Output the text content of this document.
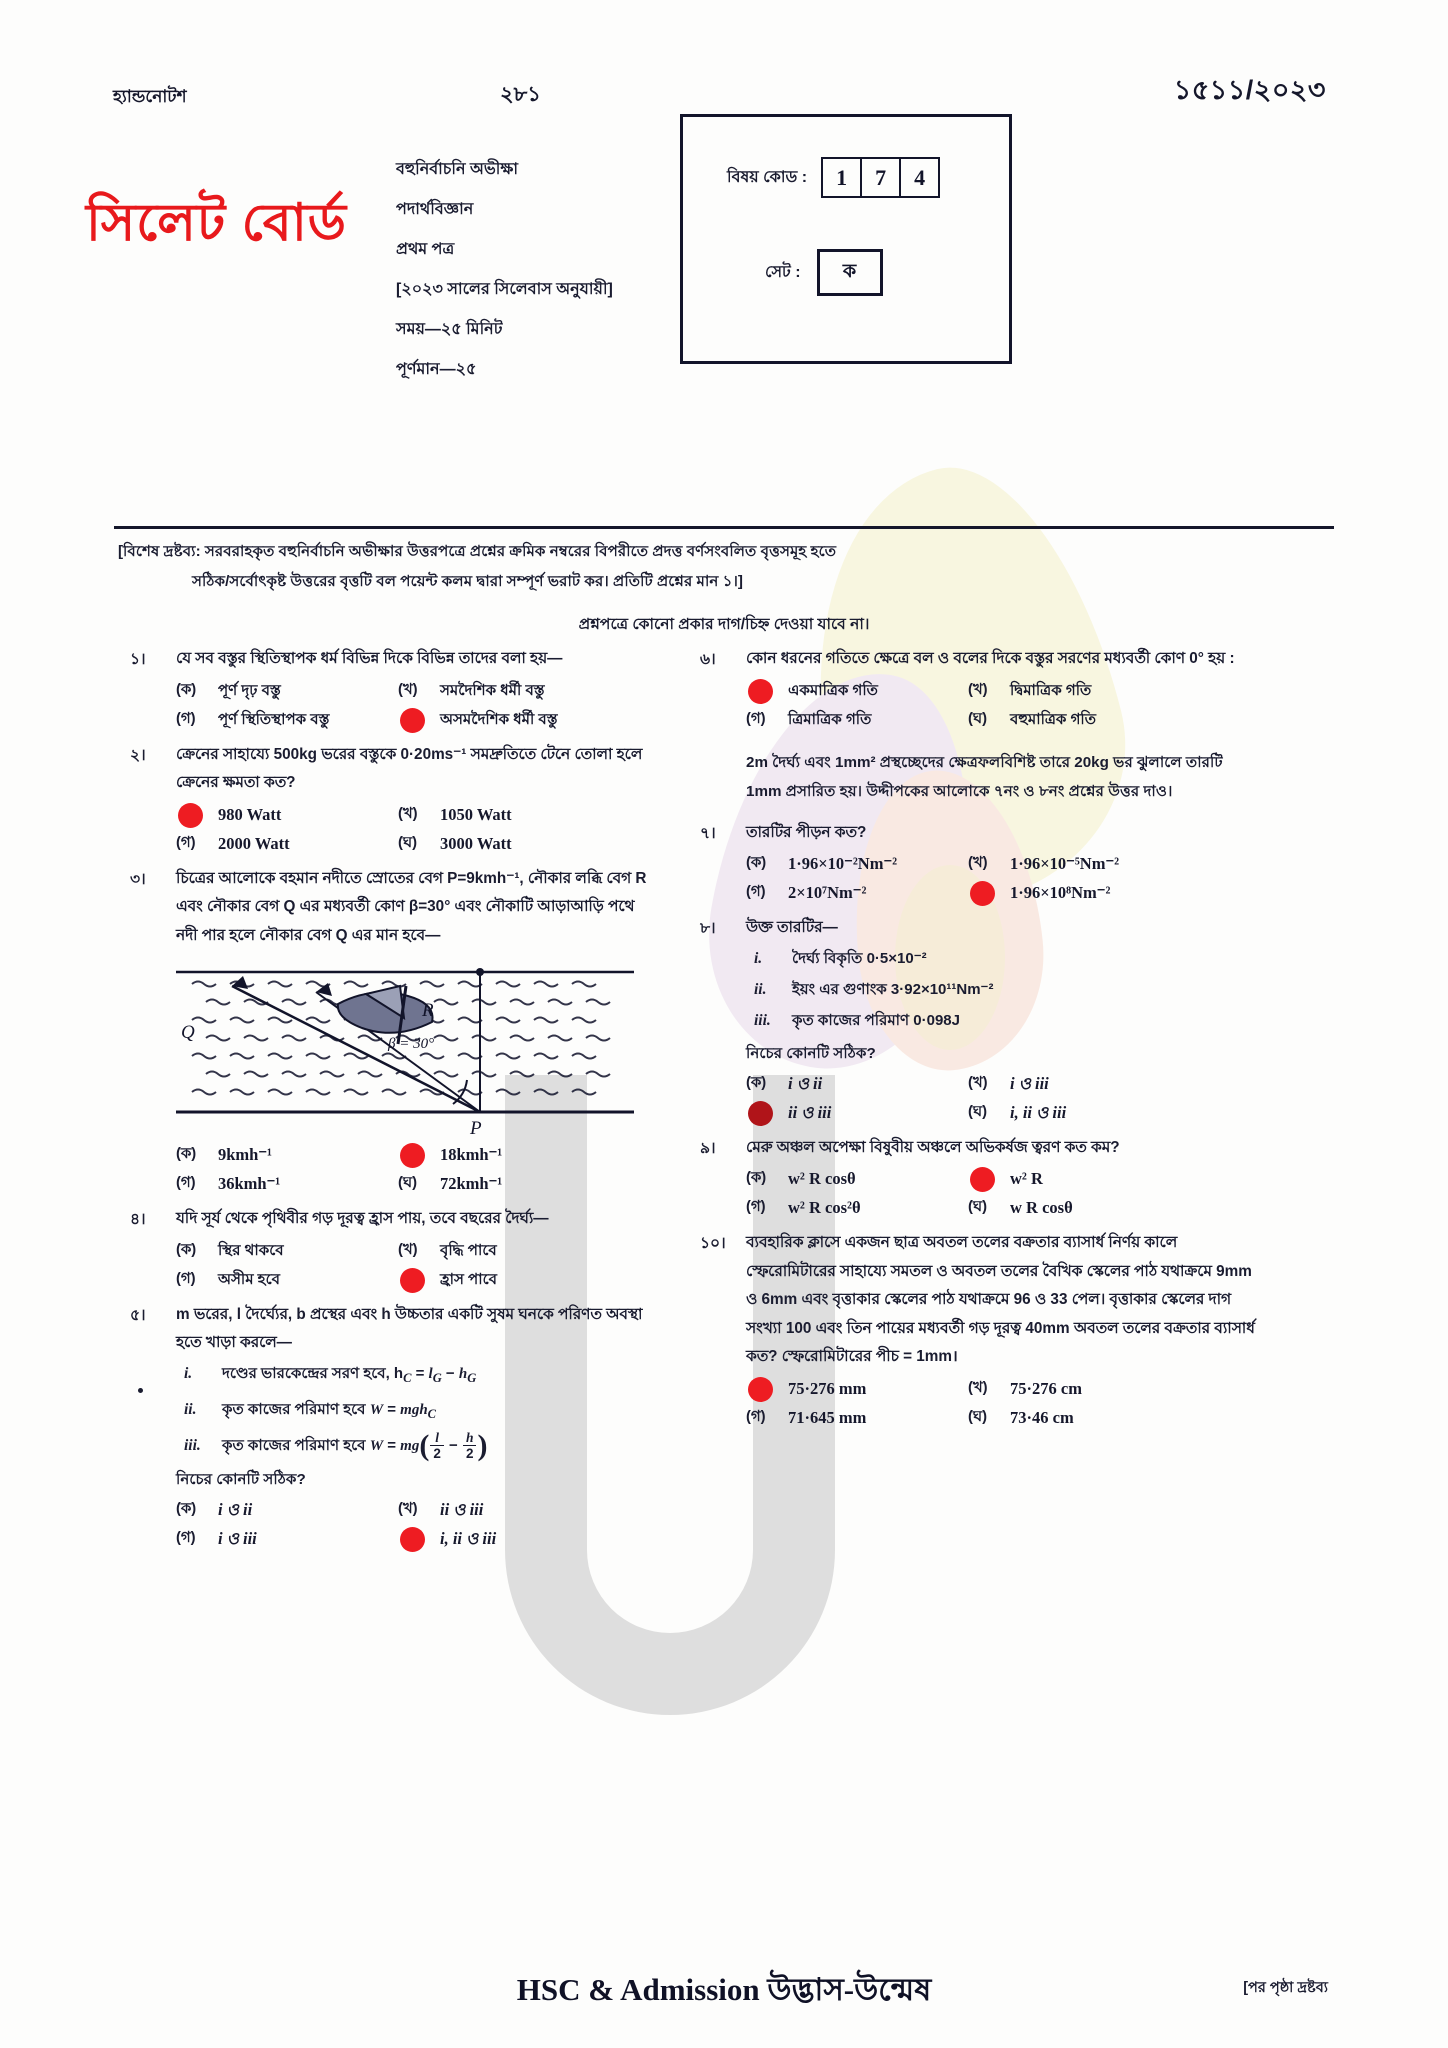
হ্যান্ডনোটশ	২৮১	১৫১১/২০২৩
সিলেট বোর্ড
বহুনির্বাচনি অভীক্ষা
পদার্থবিজ্ঞান
প্রথম পত্র
[২০২৩ সালের সিলেবাস অনুযায়ী]
সময়—২৫ মিনিট
পূর্ণমান—২৫
বিষয় কোড :	1	7	4
সেট :	ক
[বিশেষ দ্রষ্টব্য: সরবরাহকৃত বহুনির্বাচনি অভীক্ষার উত্তরপত্রে প্রশ্নের ক্রমিক নম্বরের বিপরীতে প্রদত্ত বর্ণসংবলিত বৃত্তসমূহ হতে
সঠিক/সর্বোৎকৃষ্ট উত্তরের বৃত্তটি বল পয়েন্ট কলম দ্বারা সম্পূর্ণ ভরাট কর। প্রতিটি প্রশ্নের মান ১।]
প্রশ্নপত্রে কোনো প্রকার দাগ/চিহ্ন দেওয়া যাবে না।
১।	যে সব বস্তুর স্থিতিস্থাপক ধর্ম বিভিন্ন দিকে বিভিন্ন তাদের বলা হয়—
(ক)	পূর্ণ দৃঢ় বস্তু	(খ)	সমদৈশিক ধর্মী বস্তু
(গ)	পূর্ণ স্থিতিস্থাপক বস্তু	অসমদৈশিক ধর্মী বস্তু
২।	ক্রেনের সাহায্যে 500kg ভরের বস্তুকে 0·20ms⁻¹ সমদ্রুতিতে টেনে তোলা হলে ক্রেনের ক্ষমতা কত?
980 Watt	(খ)	1050 Watt
(গ)	2000 Watt	(ঘ)	3000 Watt
৩।	চিত্রের আলোকে বহমান নদীতে স্রোতের বেগ P=9kmh⁻¹, নৌকার লব্ধি বেগ R এবং নৌকার বেগ Q এর মধ্যবর্তী কোণ β=30° এবং নৌকাটি আড়াআড়ি পথে নদী পার হলে নৌকার বেগ Q এর মান হবে—
β = 30°
Q
R
P
(ক)	9kmh⁻¹	18kmh⁻¹
(গ)	36kmh⁻¹	(ঘ)	72kmh⁻¹
৪।	যদি সূর্য থেকে পৃথিবীর গড় দূরত্ব হ্রাস পায়, তবে বছরের দৈর্ঘ্য—
(ক)	স্থির থাকবে	(খ)	বৃদ্ধি পাবে
(গ)	অসীম হবে	হ্রাস পাবে
৫।	m ভরের, l দৈর্ঘ্যের, b প্রস্থের এবং h উচ্চতার একটি সুষম ঘনকে পরিণত অবস্থা হতে খাড়া করলে—
i.	দণ্ডের ভারকেন্দ্রের সরণ হবে, $h_C = l_G - h_G$
ii.	কৃত কাজের পরিমাণ হবে W = mgh$_C$
iii.	কৃত কাজের পরিমাণ হবে $W = mg( \frac{l}{2} - \frac{h}{2}$ )
নিচের কোনটি সঠিক?
(ক)	i ও ii	(খ)	ii ও iii
(গ)	i ও iii	i, ii ও iii
৬।	কোন ধরনের গতিতে ক্ষেত্রে বল ও বলের দিকে বস্তুর সরণের মধ্যবর্তী কোণ 0° হয় :
একমাত্রিক গতি	(খ)	দ্বিমাত্রিক গতি
(গ)	ত্রিমাত্রিক গতি	(ঘ)	বহুমাত্রিক গতি
2m দৈর্ঘ্য এবং 1mm² প্রস্থচ্ছেদের ক্ষেত্রফলবিশিষ্ট তারে 20kg ভর ঝুলালে তারটি 1mm প্রসারিত হয়। উদ্দীপকের আলোকে ৭নং ও ৮নং প্রশ্নের উত্তর দাও।
৭।	তারটির পীড়ন কত?
(ক)	1·96×10⁻²Nm⁻²	(খ)	1·96×10⁻⁵Nm⁻²
(গ)	2×10⁷Nm⁻²	1·96×10⁸Nm⁻²
৮।	উক্ত তারটির—
i.	দৈর্ঘ্য বিকৃতি 0·5×10⁻²
ii.	ইয়ং এর গুণাংক 3·92×10¹¹Nm⁻²
iii.	কৃত কাজের পরিমাণ 0·098J
নিচের কোনটি সঠিক?
(ক)	i ও ii	(খ)	i ও iii
ii ও iii	(ঘ)	i, ii ও iii
৯।	মেরু অঞ্চল অপেক্ষা বিষুবীয় অঞ্চলে অভিকর্ষজ ত্বরণ কত কম?
(ক)	w² R cosθ	w² R
(গ)	w² R cos²θ	(ঘ)	w R cosθ
১০।	ব্যবহারিক ক্লাসে একজন ছাত্র অবতল তলের বক্রতার ব্যাসার্ধ নির্ণয় কালে স্ফেরোমিটারের সাহায্যে সমতল ও অবতল তলের বৈখিক স্কেলের পাঠ যথাক্রমে 9mm ও 6mm এবং বৃত্তাকার স্কেলের পাঠ যথাক্রমে 96 ও 33 পেল। বৃত্তাকার স্কেলের দাগ সংখ্যা 100 এবং তিন পায়ের মধ্যবর্তী গড় দূরত্ব 40mm অবতল তলের বক্রতার ব্যাসার্ধ কত? স্ফেরোমিটারের পীচ = 1mm।
75·276 mm	(খ)	75·276 cm
(গ)	71·645 mm	(ঘ)	73·46 cm
HSC & Admission উদ্ভাস-উন্মেষ	[পর পৃষ্ঠা দ্রষ্টব্য
